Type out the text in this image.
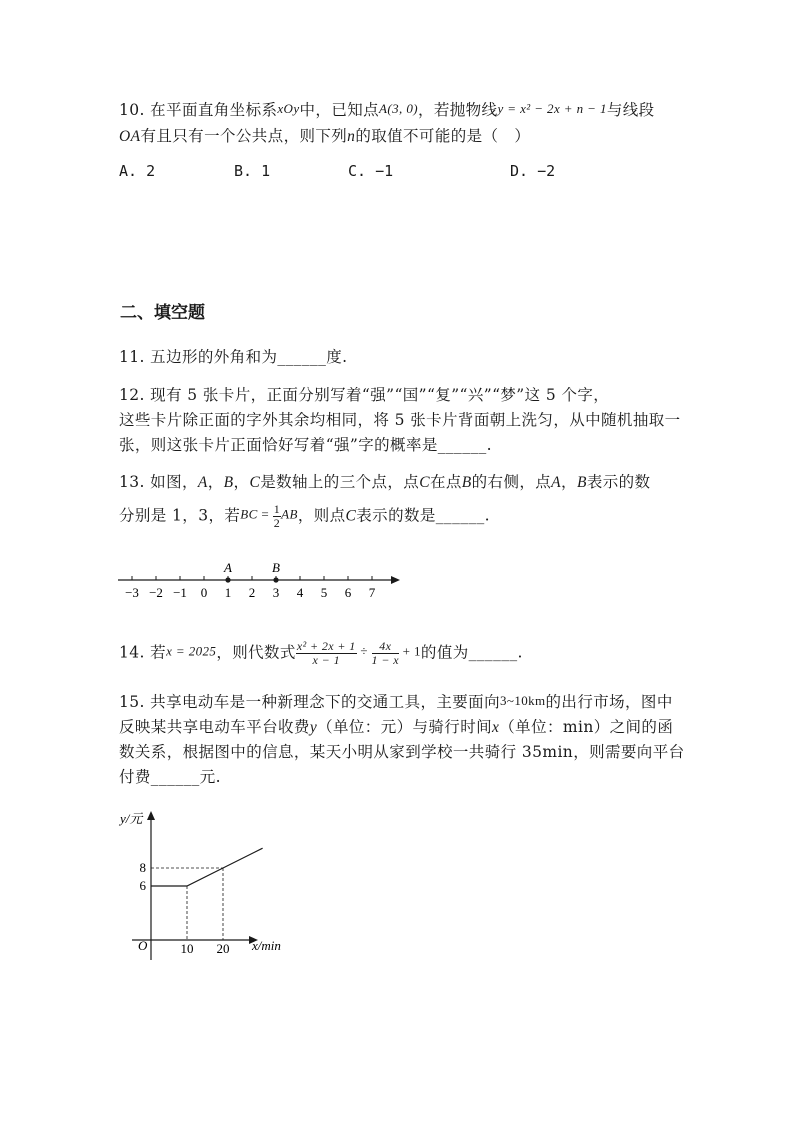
10. 在平面直角坐标系xOy中，已知点A(3, 0)，若抛物线y = x² − 2x + n − 1与线段
OA有且只有一个公共点，则下列n的取值不可能的是（　）
A. 2	B. 1	C. −1	D. −2
二、填空题
11. 五边形的外角和为______度.
12. 现有 5 张卡片，正面分别写着“强”“国”“复”“兴”“梦”这 5 个字，
这些卡片除正面的字外其余均相同，将 5 张卡片背面朝上洗匀，从中随机抽取一
张，则这张卡片正面恰好写着“强”字的概率是______.
13. 如图，A，B，C是数轴上的三个点，点C在点B的右侧，点A，B表示的数
分别是 1，3，若BC = $\frac{1}{2}$ AB，则点C表示的数是______.
−3 −2 −1 0 1 2 3 4 5 6 7
A	B
14. 若x = 2025，则代数式 $\frac{\text{x² + 2x + 1}}{x - 1} \div \frac{4x}{1 - x} + 1$的值为______.
15. 共享电动车是一种新理念下的交通工具，主要面向3~10km的出行市场，图中
反映某共享电动车平台收费y（单位：元）与骑行时间x（单位：min）之间的函
数关系，根据图中的信息，某天小明从家到学校一共骑行 35min，则需要向平台
付费______元.
y/元
x/min
O	10 20
6
8
